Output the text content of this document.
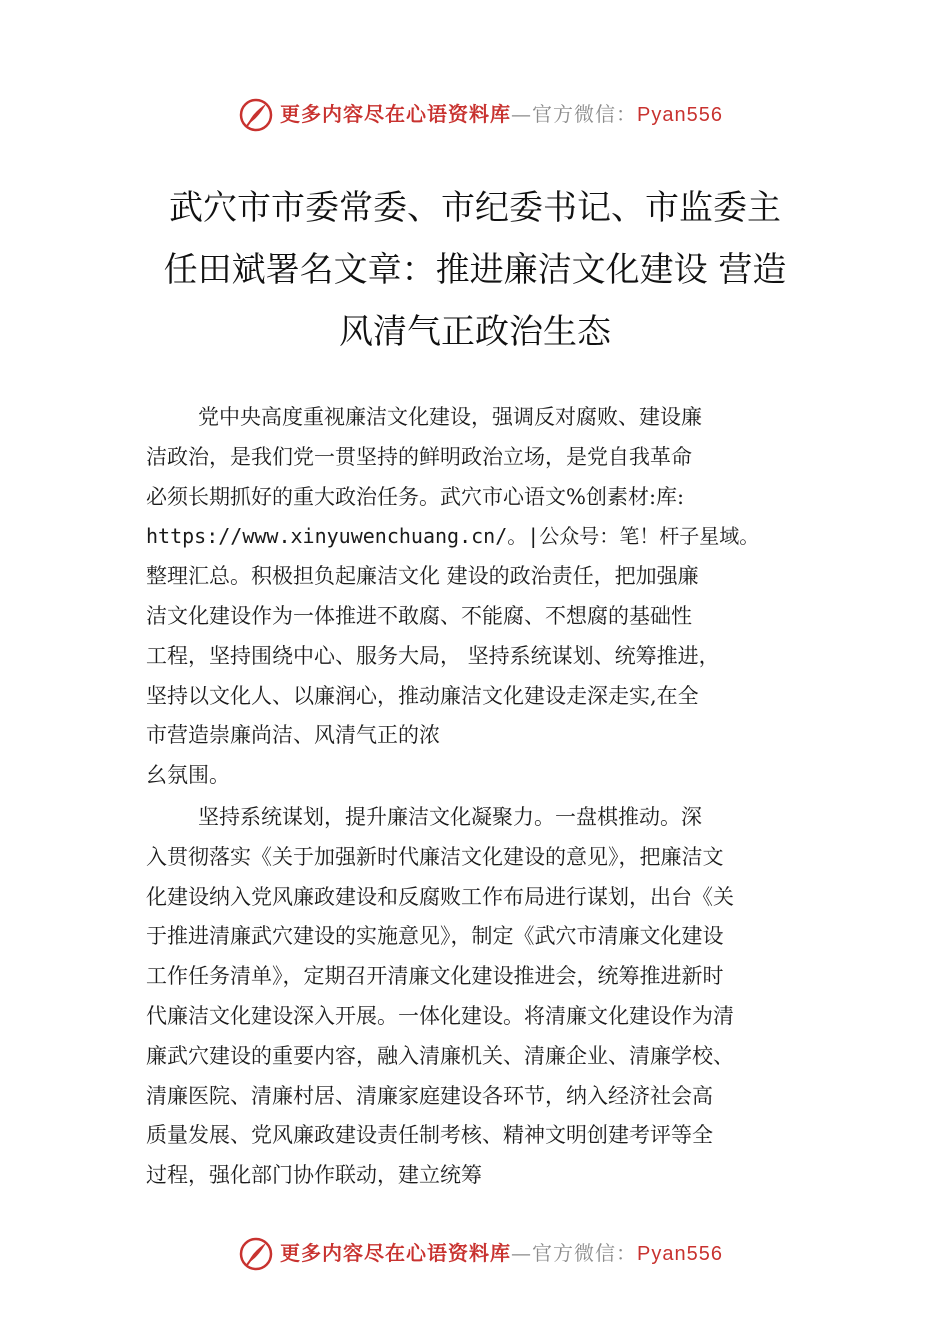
更多内容尽在心语资料库—官方微信：Pyan556
武穴市市委常委、市纪委书记、市监委主
任田斌署名文章：推进廉洁文化建设 营造
风清气正政治生态
党中央高度重视廉洁文化建设，强调反对腐败、建设廉
洁政治，是我们党一贯坚持的鲜明政治立场，是党自我革命
必须长期抓好的重大政治任务。武穴市心语文%创素材:库:
https://www.xinyuwenchuang.cn/。|公众号：笔！杆子星域。
整理汇总。积极担负起廉洁文化 建设的政治责任，把加强廉
洁文化建设作为一体推进不敢腐、不能腐、不想腐的基础性
工程，坚持围绕中心、服务大局， 坚持系统谋划、统筹推进，
坚持以文化人、以廉润心，推动廉洁文化建设走深走实,在全
市营造崇廉尚洁、风清气正的浓
幺氛围。
坚持系统谋划，提升廉洁文化凝聚力。一盘棋推动。深
入贯彻落实《关于加强新时代廉洁文化建设的意见》，把廉洁文
化建设纳入党风廉政建设和反腐败工作布局进行谋划，出台《关
于推进清廉武穴建设的实施意见》，制定《武穴市清廉文化建设
工作任务清单》，定期召开清廉文化建设推进会，统筹推进新时
代廉洁文化建设深入开展。一体化建设。将清廉文化建设作为清
廉武穴建设的重要内容，融入清廉机关、清廉企业、清廉学校、
清廉医院、清廉村居、清廉家庭建设各环节，纳入经济社会高
质量发展、党风廉政建设责任制考核、精神文明创建考评等全
过程，强化部门协作联动，建立统筹
更多内容尽在心语资料库—官方微信：Pyan556
